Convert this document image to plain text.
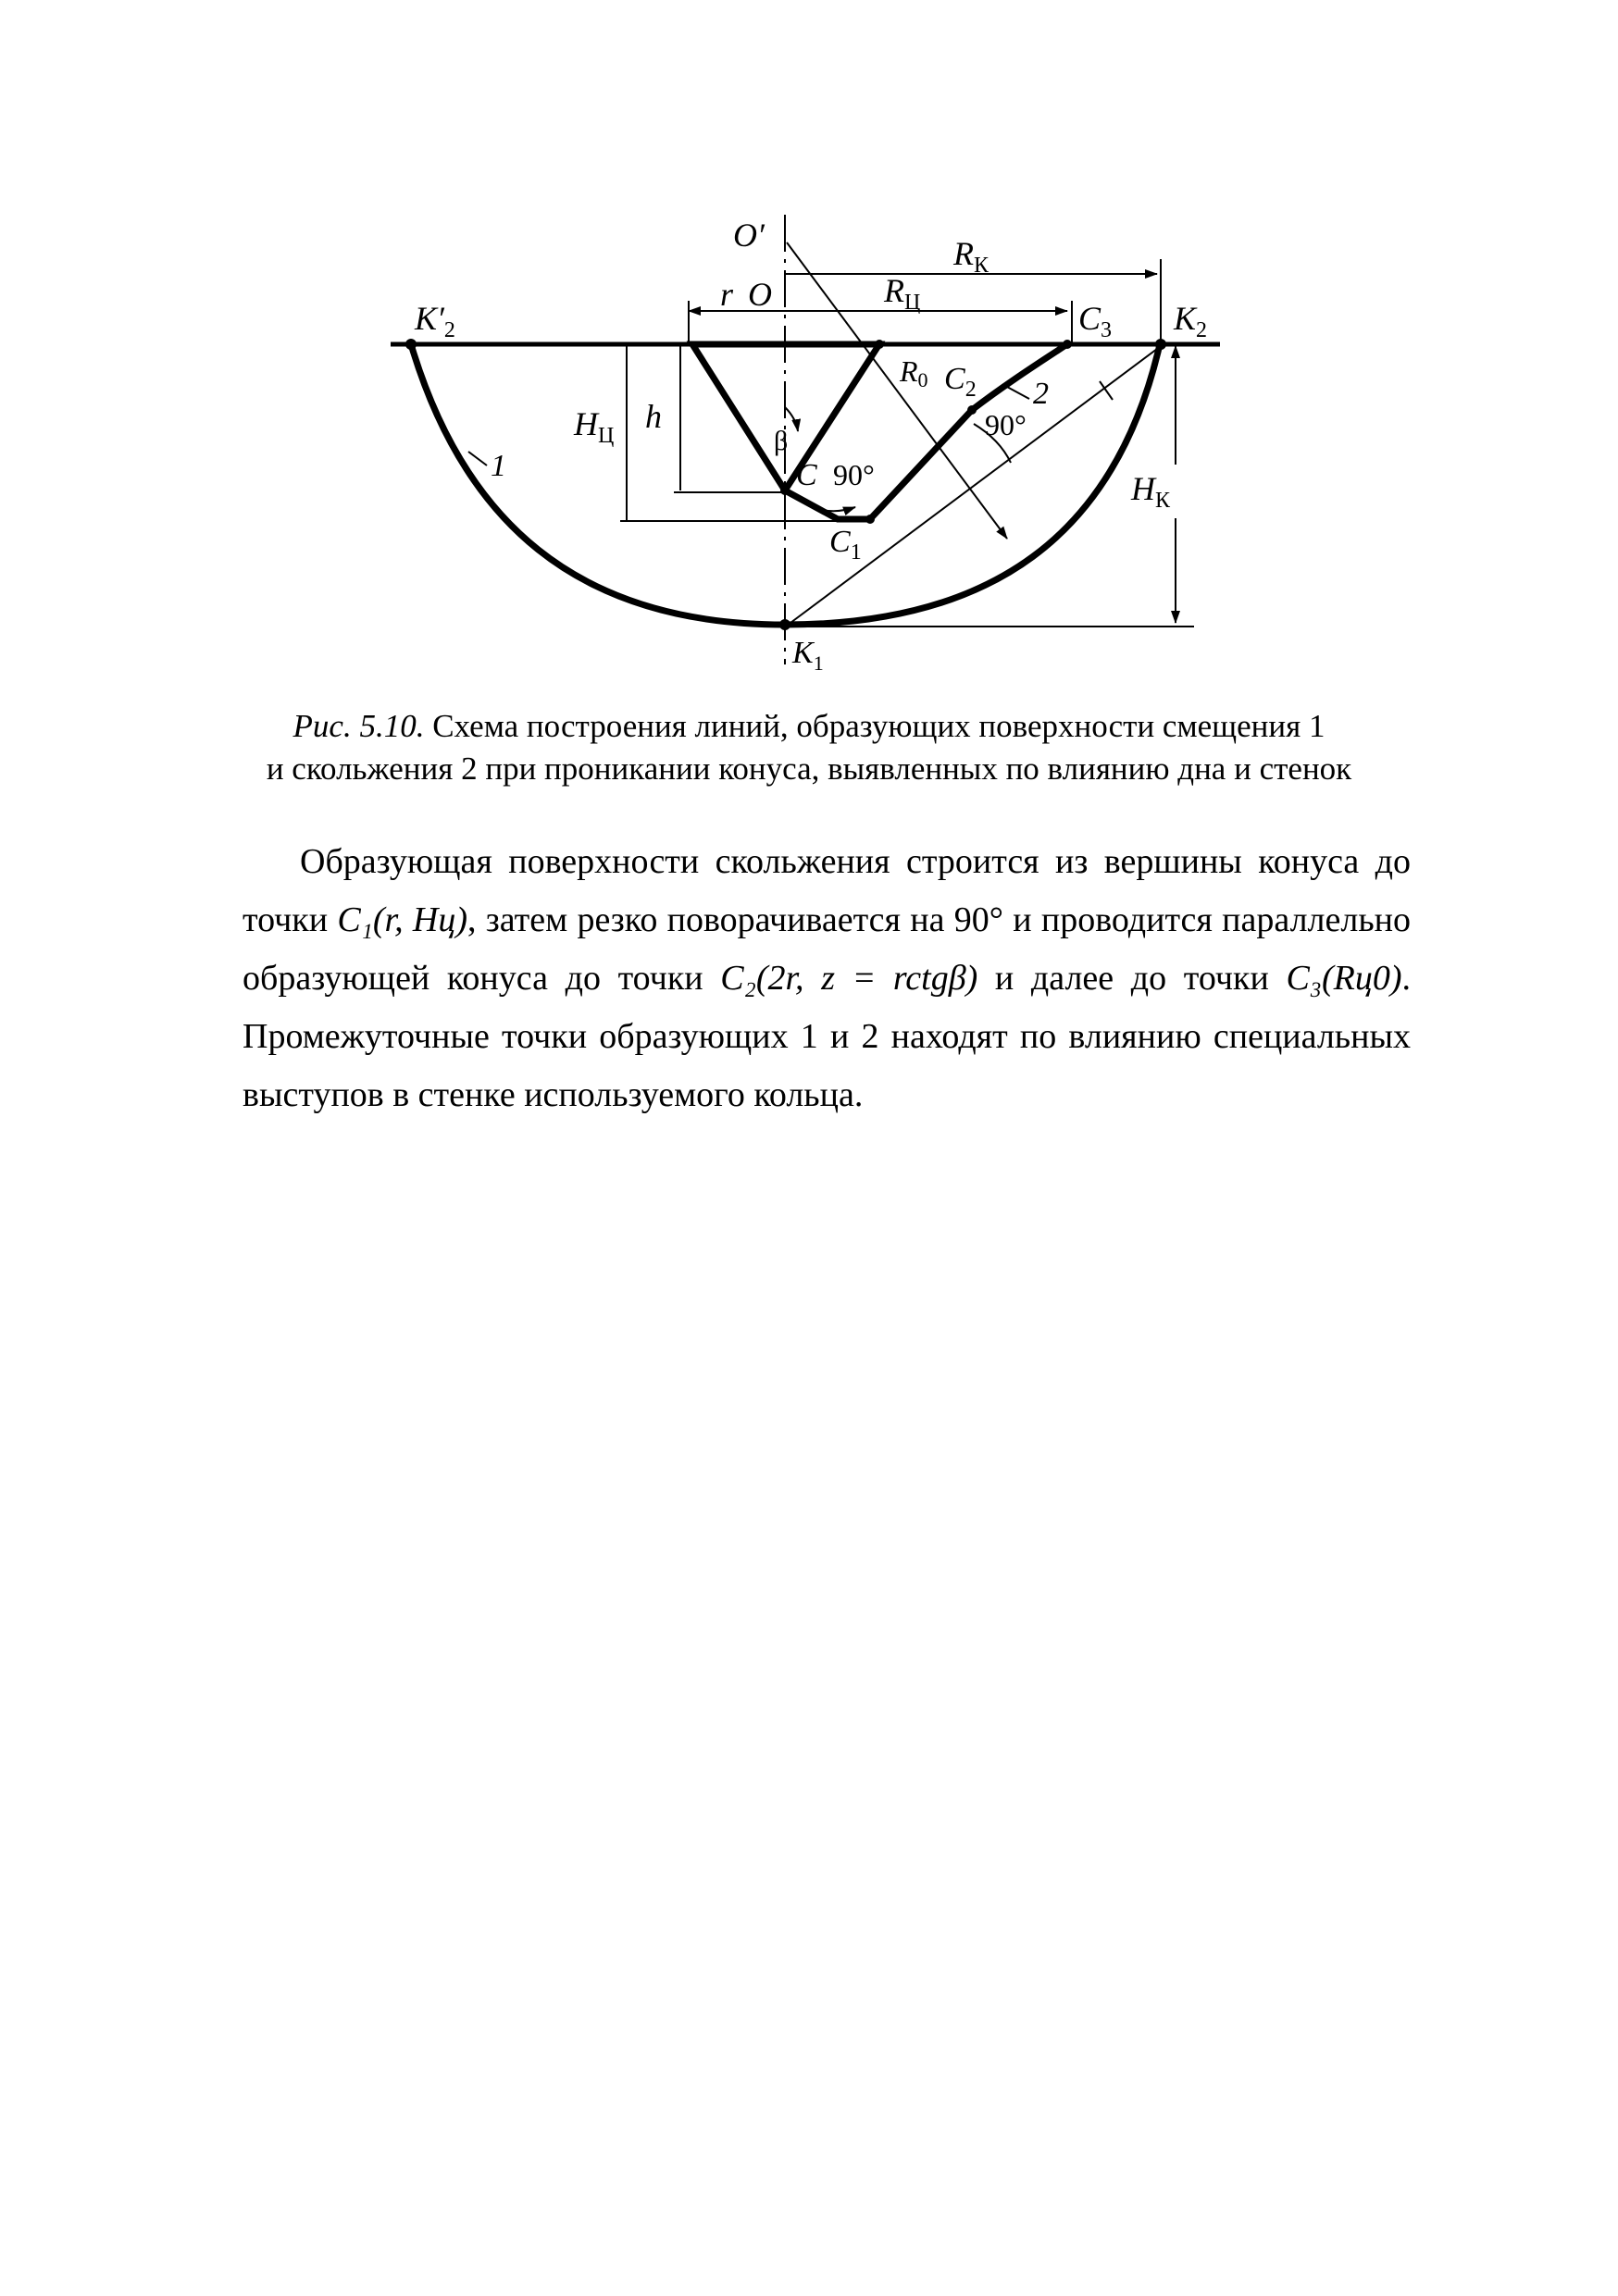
O′	$R_К$
r O	$R_Ц$	$C_3$ $K_2$
$K'_2$
R0 $C_2$ 2
90°
$H_Ц$
h
β
1	C 90°
$C_1$
$H_К$
$K_1$
Рис. 5.10. Схема построения линий, образующих поверхности смещения 1
и скольжения 2 при проникании конуса, выявленных по влиянию дна и стенок

Образующая поверхности скольжения строится из вершины конуса до точки C₁(r, Hц), затем резко поворачивается на 90° и проводится параллельно образующей конуса до точки C₂(2r, z = rctgβ) и далее до точки C₃(Rц0). Промежуточные точки образующих 1 и 2 находят по влиянию специальных выступов в стенке используемого кольца.
